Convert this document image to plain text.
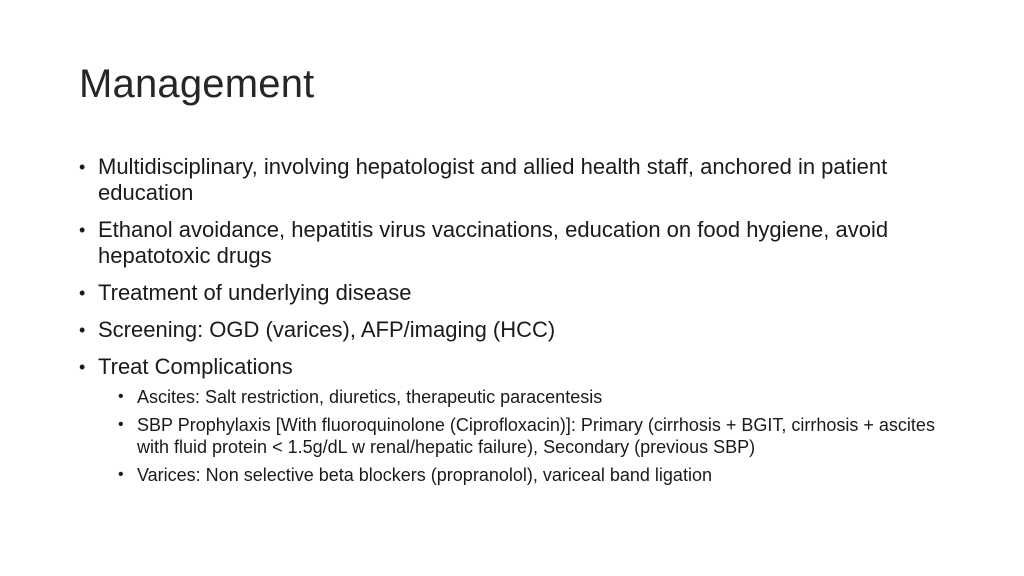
Management
• Multidisciplinary, involving hepatologist and allied health staff, anchored in patient education
• Ethanol avoidance, hepatitis virus vaccinations, education on food hygiene, avoid hepatotoxic drugs
• Treatment of underlying disease
• Screening: OGD (varices), AFP/imaging (HCC)
• Treat Complications
• Ascites: Salt restriction, diuretics, therapeutic paracentesis
• SBP Prophylaxis [With fluoroquinolone (Ciprofloxacin)]: Primary (cirrhosis + BGIT, cirrhosis + ascites with fluid protein < 1.5g/dL w renal/hepatic failure), Secondary (previous SBP)
• Varices: Non selective beta blockers (propranolol), variceal band ligation
